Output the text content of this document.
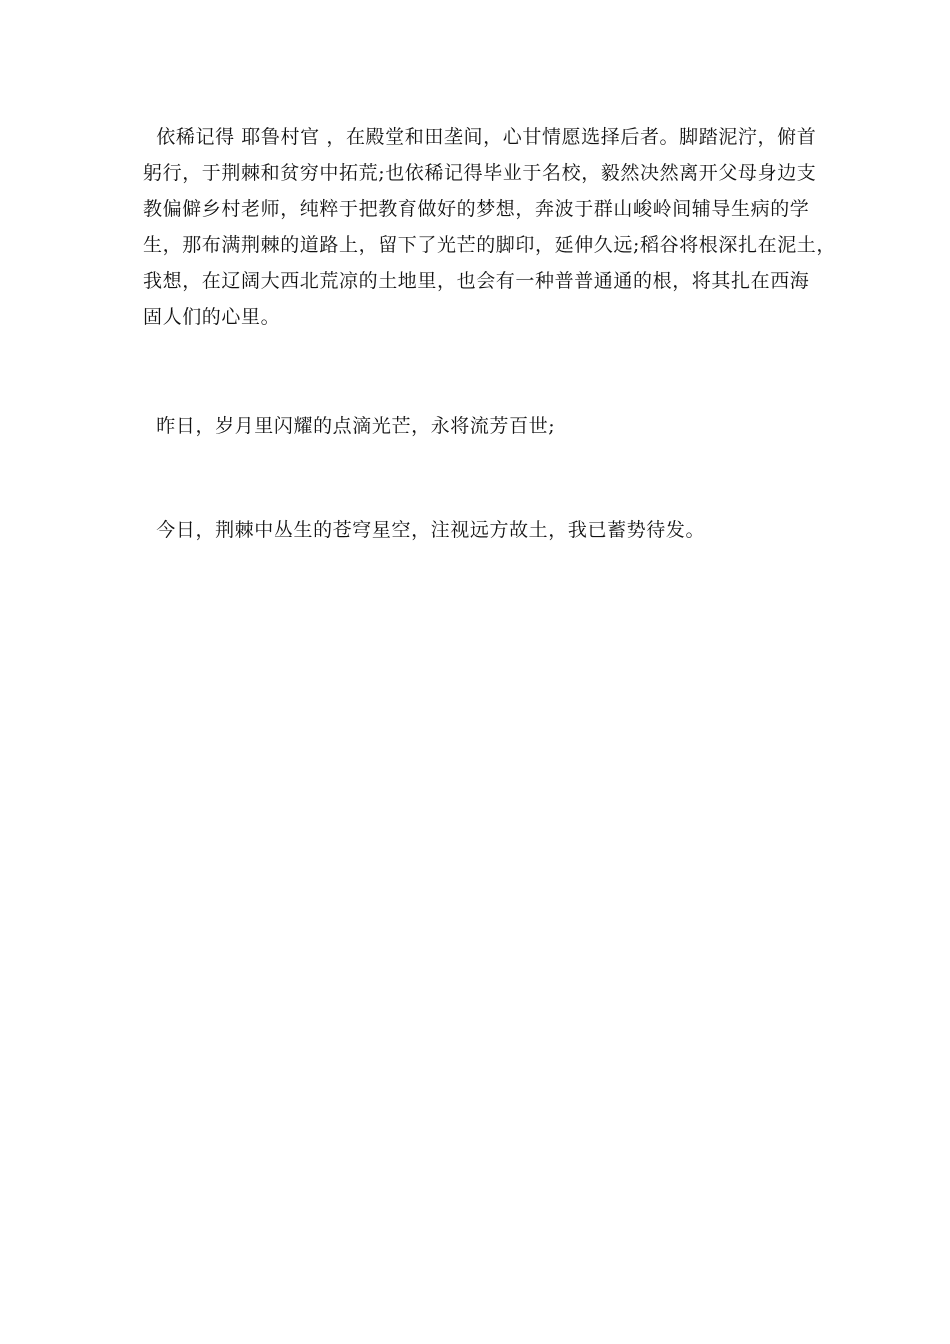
依稀记得 耶鲁村官 ，在殿堂和田垄间，心甘情愿选择后者。脚踏泥泞，俯首
躬行，于荆棘和贫穷中拓荒;也依稀记得毕业于名校，毅然决然离开父母身边支
教偏僻乡村老师，纯粹于把教育做好的梦想，奔波于群山峻岭间辅导生病的学
生，那布满荆棘的道路上，留下了光芒的脚印，延伸久远;稻谷将根深扎在泥土，
我想，在辽阔大西北荒凉的土地里，也会有一种普普通通的根，将其扎在西海
固人们的心里。
昨日，岁月里闪耀的点滴光芒，永将流芳百世;
今日，荆棘中丛生的苍穹星空，注视远方故土，我已蓄势待发。
